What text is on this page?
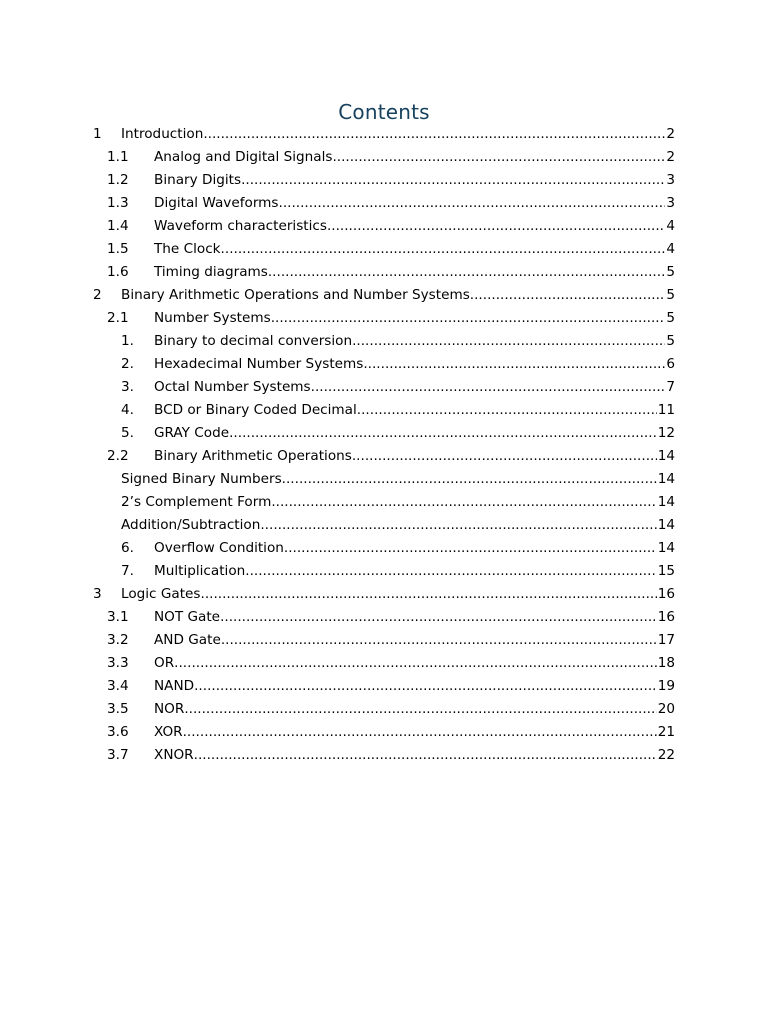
Contents
1 Introduction .....	2
1.1 Analog and Digital Signals .....	2
1.2 Binary Digits .....	3
1.3 Digital Waveforms .....	3
1.4 Waveform characteristics .....	4
1.5 The Clock .....	4
1.6 Timing diagrams .....	5
2 Binary Arithmetic Operations and Number Systems .....	5
2.1 Number Systems .....	5
1. Binary to decimal conversion .....	5
2. Hexadecimal Number Systems .....	6
3. Octal Number Systems .....	7
4. BCD or Binary Coded Decimal .....	11
5. GRAY Code .....	12
2.2 Binary Arithmetic Operations .....	14
Signed Binary Numbers .....	14
2’s Complement Form .....	14
Addition/Subtraction .....	14
6. Overflow Condition .....	14
7. Multiplication .....	15
3 Logic Gates .....	16
3.1 NOT Gate .....	16
3.2 AND Gate .....	17
3.3 OR .....	18
3.4 NAND .....	19
3.5 NOR .....	20
3.6 XOR .....	21
3.7 XNOR .....	22
